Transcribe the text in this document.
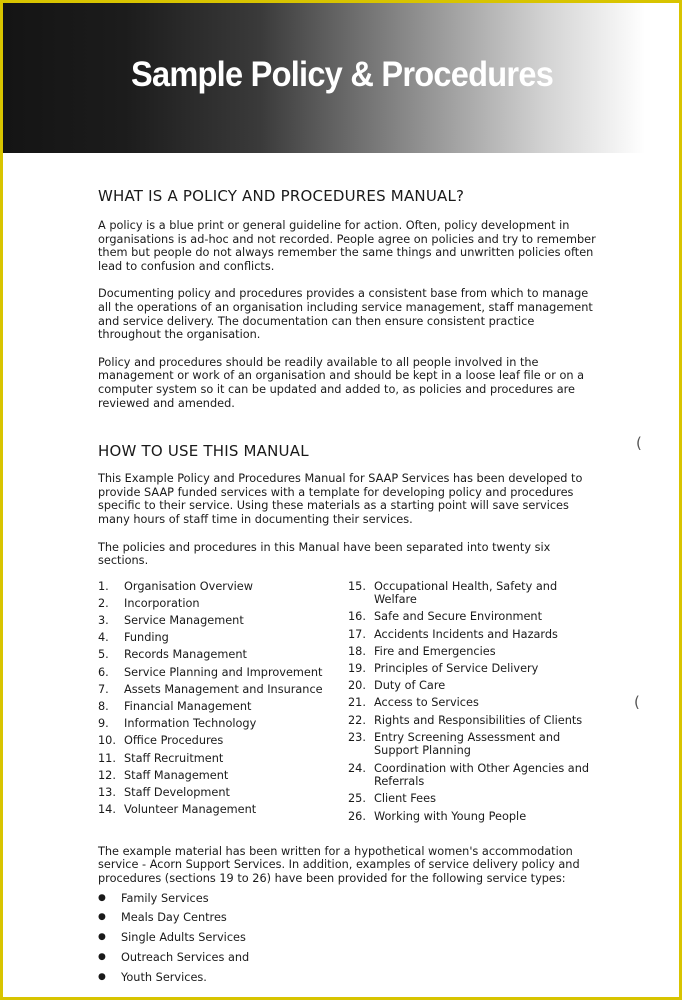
Sample Policy & Procedures
WHAT IS A POLICY AND PROCEDURES MANUAL?

A policy is a blue print or general guideline for action. Often, policy development in organisations is ad-hoc and not recorded. People agree on policies and try to remember them but people do not always remember the same things and unwritten policies often lead to confusion and conflicts.

Documenting policy and procedures provides a consistent base from which to manage all the operations of an organisation including service management, staff management and service delivery. The documentation can then ensure consistent practice throughout the organisation.

Policy and procedures should be readily available to all people involved in the management or work of an organisation and should be kept in a loose leaf file or on a computer system so it can be updated and added to, as policies and procedures are reviewed and amended.

HOW TO USE THIS MANUAL

This Example Policy and Procedures Manual for SAAP Services has been developed to provide SAAP funded services with a template for developing policy and procedures specific to their service. Using these materials as a starting point will save services many hours of staff time in documenting their services.

The policies and procedures in this Manual have been separated into twenty six sections.

1.	Organisation Overview
2.	Incorporation
3.	Service Management
4.	Funding
5.	Records Management
6.	Service Planning and Improvement
7.	Assets Management and Insurance
8.	Financial Management
9.	Information Technology
10. Office Procedures
11. Staff Recruitment
12. Staff Management
13. Staff Development
14. Volunteer Management
15. Occupational Health, Safety and Welfare
16. Safe and Secure Environment
17. Accidents Incidents and Hazards
18. Fire and Emergencies
19. Principles of Service Delivery
20. Duty of Care
21. Access to Services
22. Rights and Responsibilities of Clients
23. Entry Screening Assessment and Support Planning
24. Coordination with Other Agencies and Referrals
25. Client Fees
26. Working with Young People

The example material has been written for a hypothetical women's accommodation service - Acorn Support Services. In addition, examples of service delivery policy and procedures (sections 19 to 26) have been provided for the following service types:

●	Family Services
●	Meals Day Centres
●	Single Adults Services
●	Outreach Services and
●	Youth Services.
(
(
